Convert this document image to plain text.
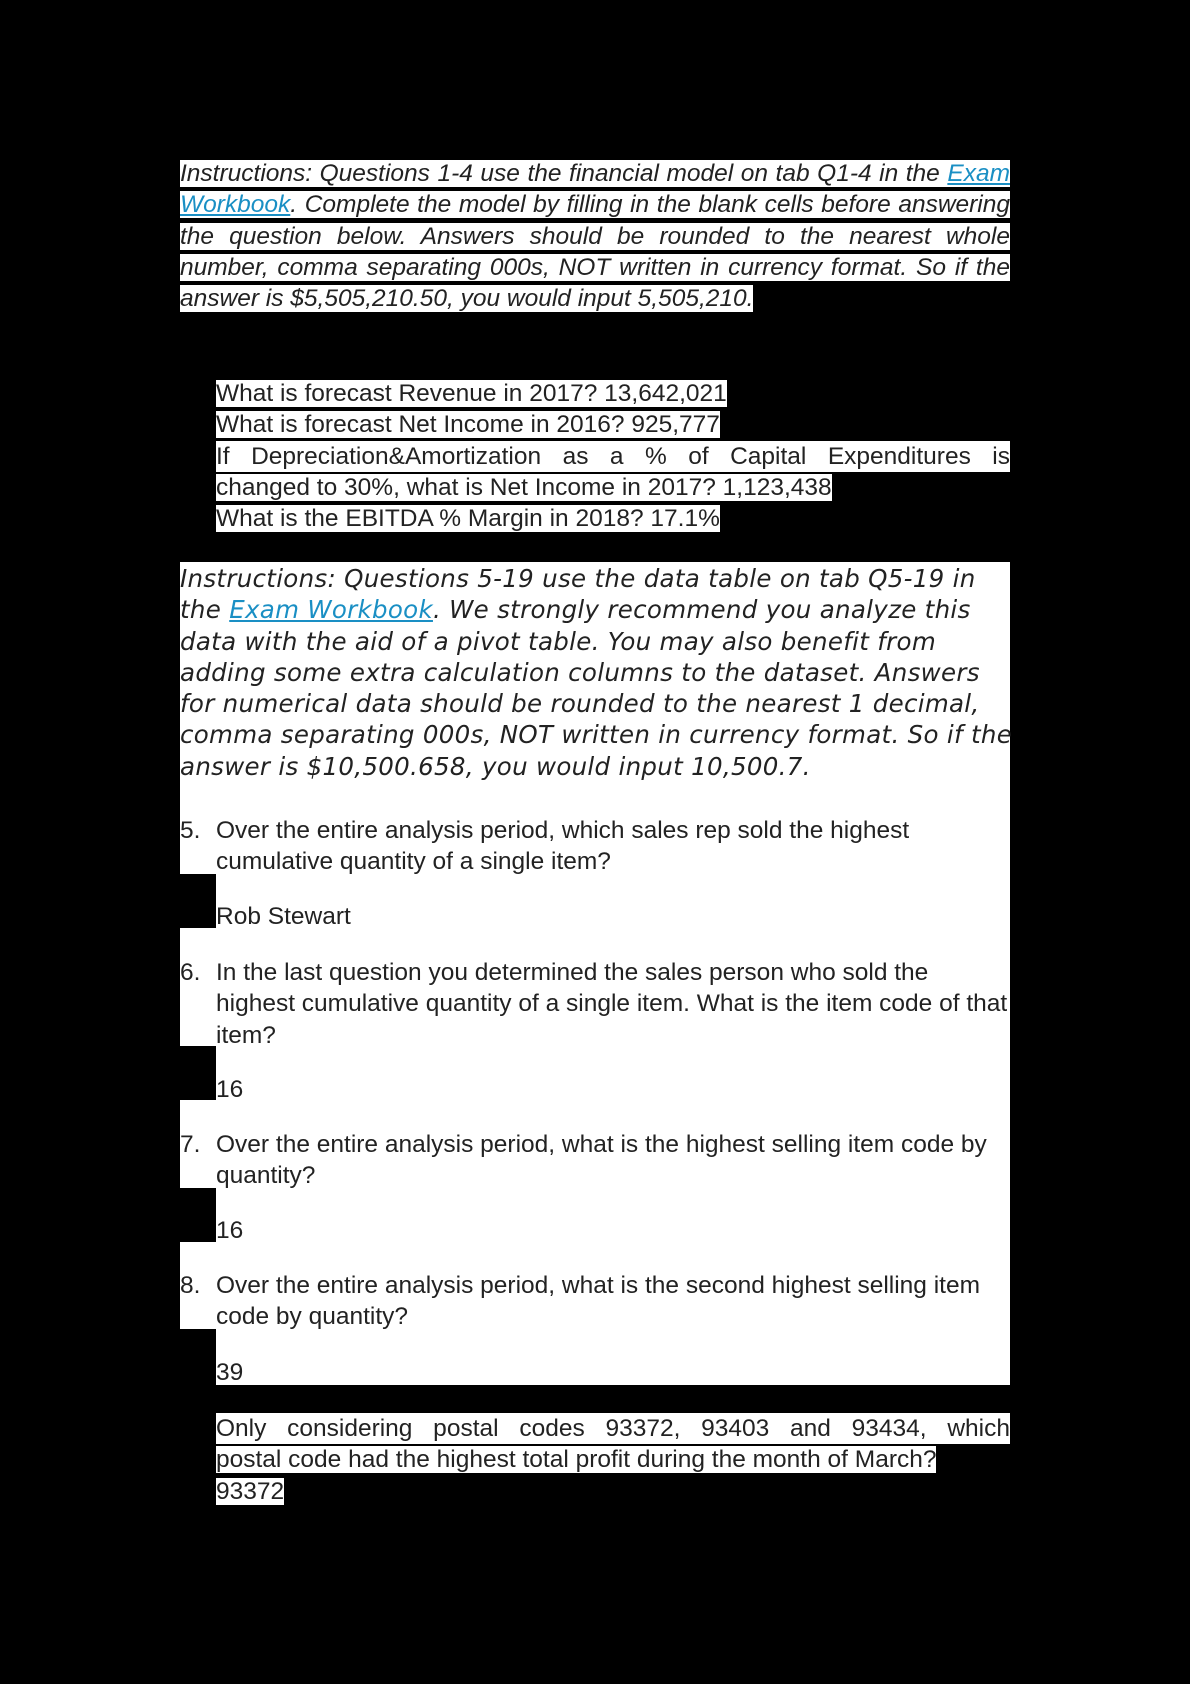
Instructions: Questions 1-4 use the financial model on tab Q1-4 in the Exam Workbook. Complete the model by filling in the blank cells before answering the question below. Answers should be rounded to the nearest whole number, comma separating 000s, NOT written in currency format. So if the answer is $5,505,210.50, you would input 5,505,210.

What is forecast Revenue in 2017? 13,642,021
What is forecast Net Income in 2016? 925,777
If Depreciation&Amortization as a % of Capital Expenditures is
changed to 30%, what is Net Income in 2017? 1,123,438
What is the EBITDA % Margin in 2018? 17.1%

Instructions: Questions 5-19 use the data table on tab Q5-19 in the Exam Workbook. We strongly recommend you analyze this data with the aid of a pivot table. You may also benefit from adding some extra calculation columns to the dataset. Answers for numerical data should be rounded to the nearest 1 decimal, comma separating 000s, NOT written in currency format. So if the answer is $10,500.658, you would input 10,500.7.

5. Over the entire analysis period, which sales rep sold the highest cumulative quantity of a single item?
Rob Stewart
6. In the last question you determined the sales person who sold the highest cumulative quantity of a single item. What is the item code of that item?
16
7. Over the entire analysis period, what is the highest selling item code by quantity?
16
8. Over the entire analysis period, what is the second highest selling item code by quantity?
39
Only considering postal codes 93372, 93403 and 93434, which
postal code had the highest total profit during the month of March?
93372
